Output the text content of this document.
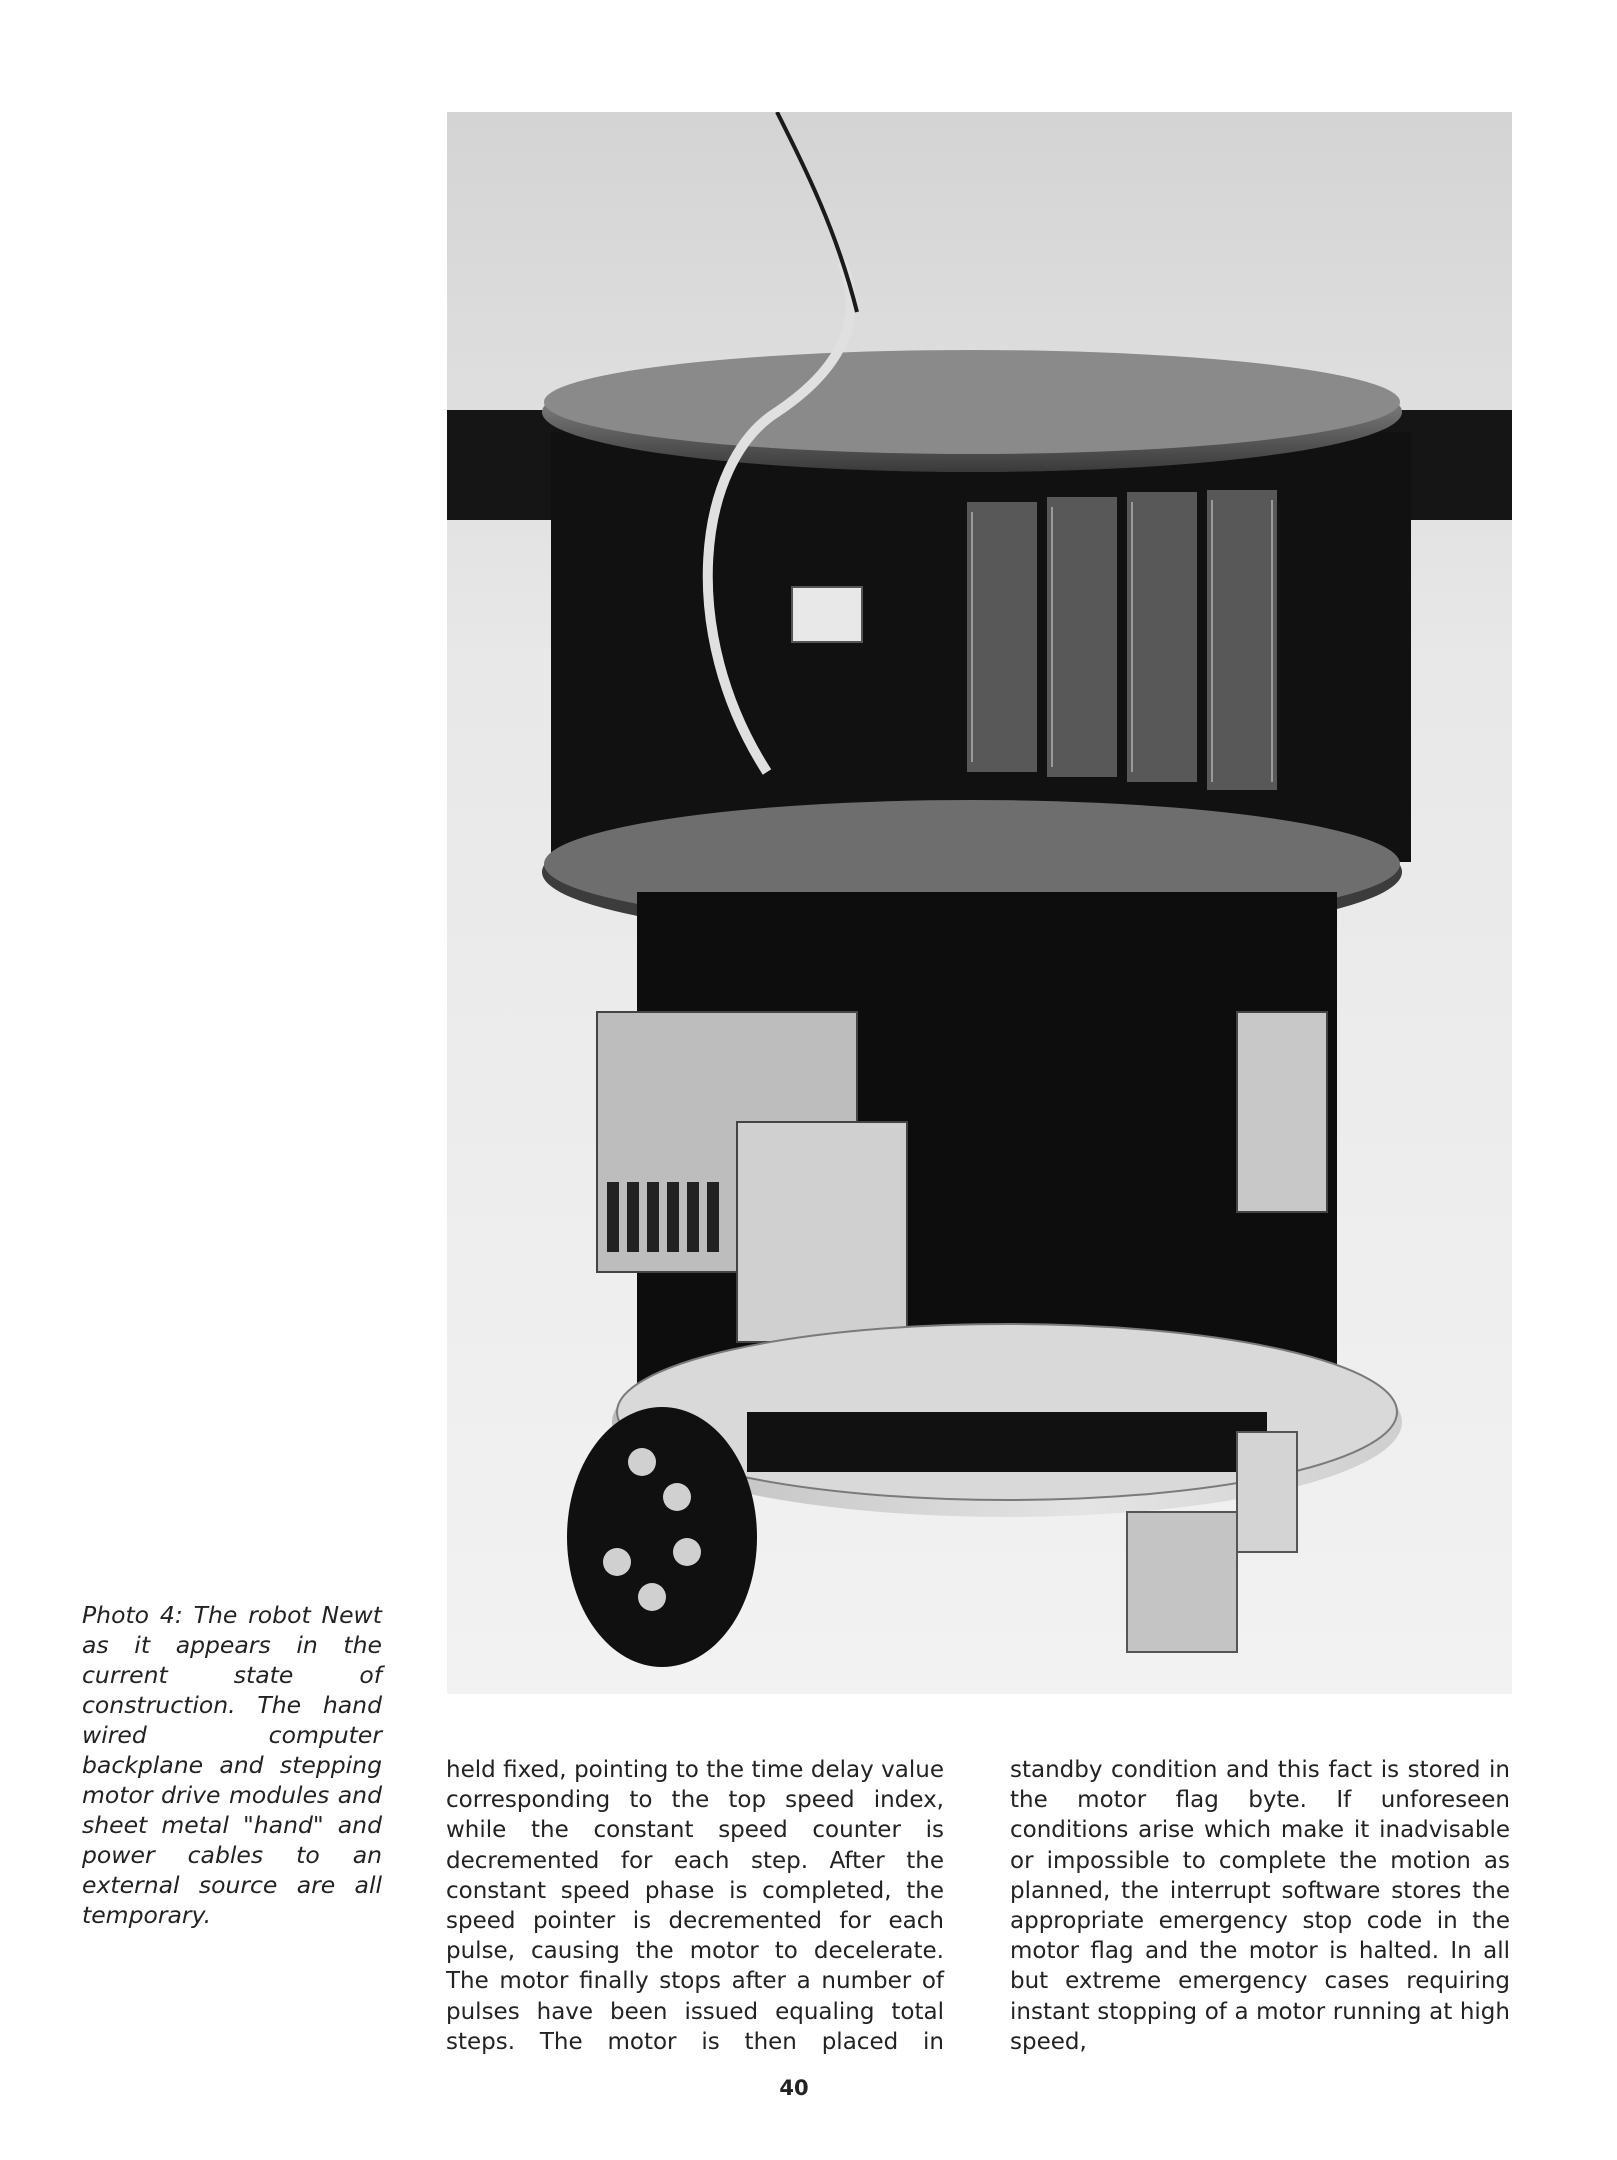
Photo 4: The robot Newt as it appears in the current state of construction. The hand wired computer backplane and stepping motor drive modules and sheet metal "hand" and power cables to an external source are all temporary.
held fixed, pointing to the time delay value corresponding to the top speed index, while the constant speed counter is decremented for each step. After the constant speed phase is completed, the speed pointer is decremented for each pulse, causing the motor to decelerate. The motor finally stops after a number of pulses have been issued equaling total steps. The motor is then placed in
standby condition and this fact is stored in the motor flag byte. If unforeseen conditions arise which make it inadvisable or impossible to complete the motion as planned, the interrupt software stores the appropriate emergency stop code in the motor flag and the motor is halted. In all but extreme emergency cases requiring instant stopping of a motor running at high speed,
40
